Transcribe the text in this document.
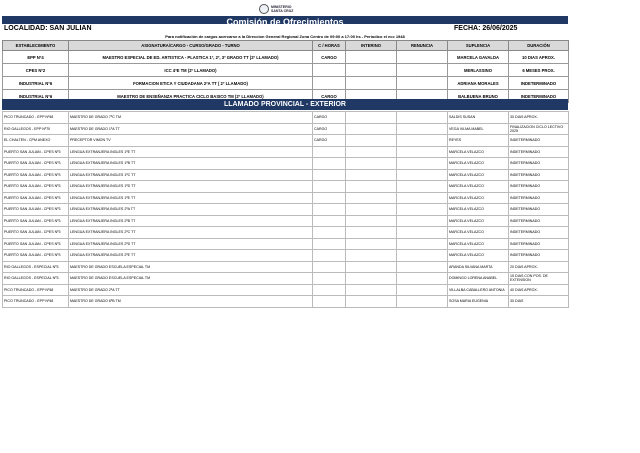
MINISTERIO
SANTA CRUZ
Comisión de Ofrecimientos
LOCALIDAD: SAN JULIAN	FECHA: 26/06/2025
Para notificación de cargos acercarse a la Direccion General Regional Zona Centro de 09:00 a 17:00 hs - Periodico el ecc 1948
ESTABLECIMIENTO	ASIGNATURA/CARGO - CURSO/GRADO - TURNO	C / HORAS	INTERINO	RENUNCIA	SUPLENCIA	DURACIÓN
EPP Nº4	MAESTRO ESPECIAL DE ED. ARTISTICA - PLASTICA 1º, 2º, 3º GRADO TT (2º LLAMADO)	CARGO			MARCELA GAVALDA	10 DIAS APROX.
CPES Nº2	ICC 4ºE TM (2º LLAMADO)				MERLASSINO	6 MESES PROX.
INDUSTRIAL Nº6	FORMACION ETICA Y CIUDADANA 2ºA TT ( 2º LLAMADO)				ADRIANA MORALES	INDETERMINADO
INDUSTRIAL Nº6	MAESTRO DE ENSEÑANZA PRACTICA CICLO BASICO TM (2º LLAMADO)	CARGO			BALBUENA BRUNO	INDETERMINADO
LLAMADO PROVINCIAL - EXTERIOR
PICO TRUNCADO - EPP Nº48	MAESTRO DE GRADO 7ºC TM	CARGO			SALDIS SUSAN	30 DIAS APROX.
RIO GALLEGOS - EPP Nº70	MAESTRO DE GRADO 1ºA TT	CARGO			VEGA VILMA MABEL	FINALIZACION CICLO LECTIVO 2025
EL CHALTEN - CPM ANEXO	PRECEPTOR VIMON TV	CARGO			REYES	INDETERMINADO
PUERTO SAN JULIAN - CPES Nº3	LENGUA EXTRANJERA INGLES 1ºE TT				MARCELA VELAZCO	INDETERMINADO
PUERTO SAN JULIAN - CPES Nº3	LENGUA EXTRANJERA INGLES 1ºB TT				MARCELA VELAZCO	INDETERMINADO
PUERTO SAN JULIAN - CPES Nº3	LENGUA EXTRANJERA INGLES 1ºC TT				MARCELA VELAZCO	INDETERMINADO
PUERTO SAN JULIAN - CPES Nº3	LENGUA EXTRANJERA INGLES 1ºD TT				MARCELA VELAZCO	INDETERMINADO
PUERTO SAN JULIAN - CPES Nº3	LENGUA EXTRANJERA INGLES 1ºE TT				MARCELA VELAZCO	INDETERMINADO
PUERTO SAN JULIAN - CPES Nº3	LENGUA EXTRANJERA INGLES 2ºA TT				MARCELA VELAZCO	INDETERMINADO
PUERTO SAN JULIAN - CPES Nº3	LENGUA EXTRANJERA INGLES 2ºB TT				MARCELA VELAZCO	INDETERMINADO
PUERTO SAN JULIAN - CPES Nº3	LENGUA EXTRANJERA INGLES 2ºC TT				MARCELA VELAZCO	INDETERMINADO
PUERTO SAN JULIAN - CPES Nº3	LENGUA EXTRANJERA INGLES 2ºD TT				MARCELA VELAZCO	INDETERMINADO
PUERTO SAN JULIAN - CPES Nº3	LENGUA EXTRANJERA INGLES 2ºE TT				MARCELA VELAZCO	INDETERMINADO
RIO GALLEGOS - ESPECIAL Nº3	MAESTRO DE GRADO ESCUELA ESPECIAL TM				ARANDA SILVANA MARTA	20 DIAS APROX.
RIO GALLEGOS - ESPECIAL Nº3	MAESTRO DE GRADO ESCUELA ESPECIAL TM				DOMINGO LORENA ANABEL	15 DIAS CON POS. DE EXTENSION
PICO TRUNCADO - EPP Nº48	MAESTRO DE GRADO 2ºA TT				VILLALBA CABALLERO ANTONIA	40 DIAS APROX.
PICO TRUNCADO - EPP Nº48	MAESTRO DE GRADO 6ºB TM				SOSA MARIA EUGENIA	30 DIAS
